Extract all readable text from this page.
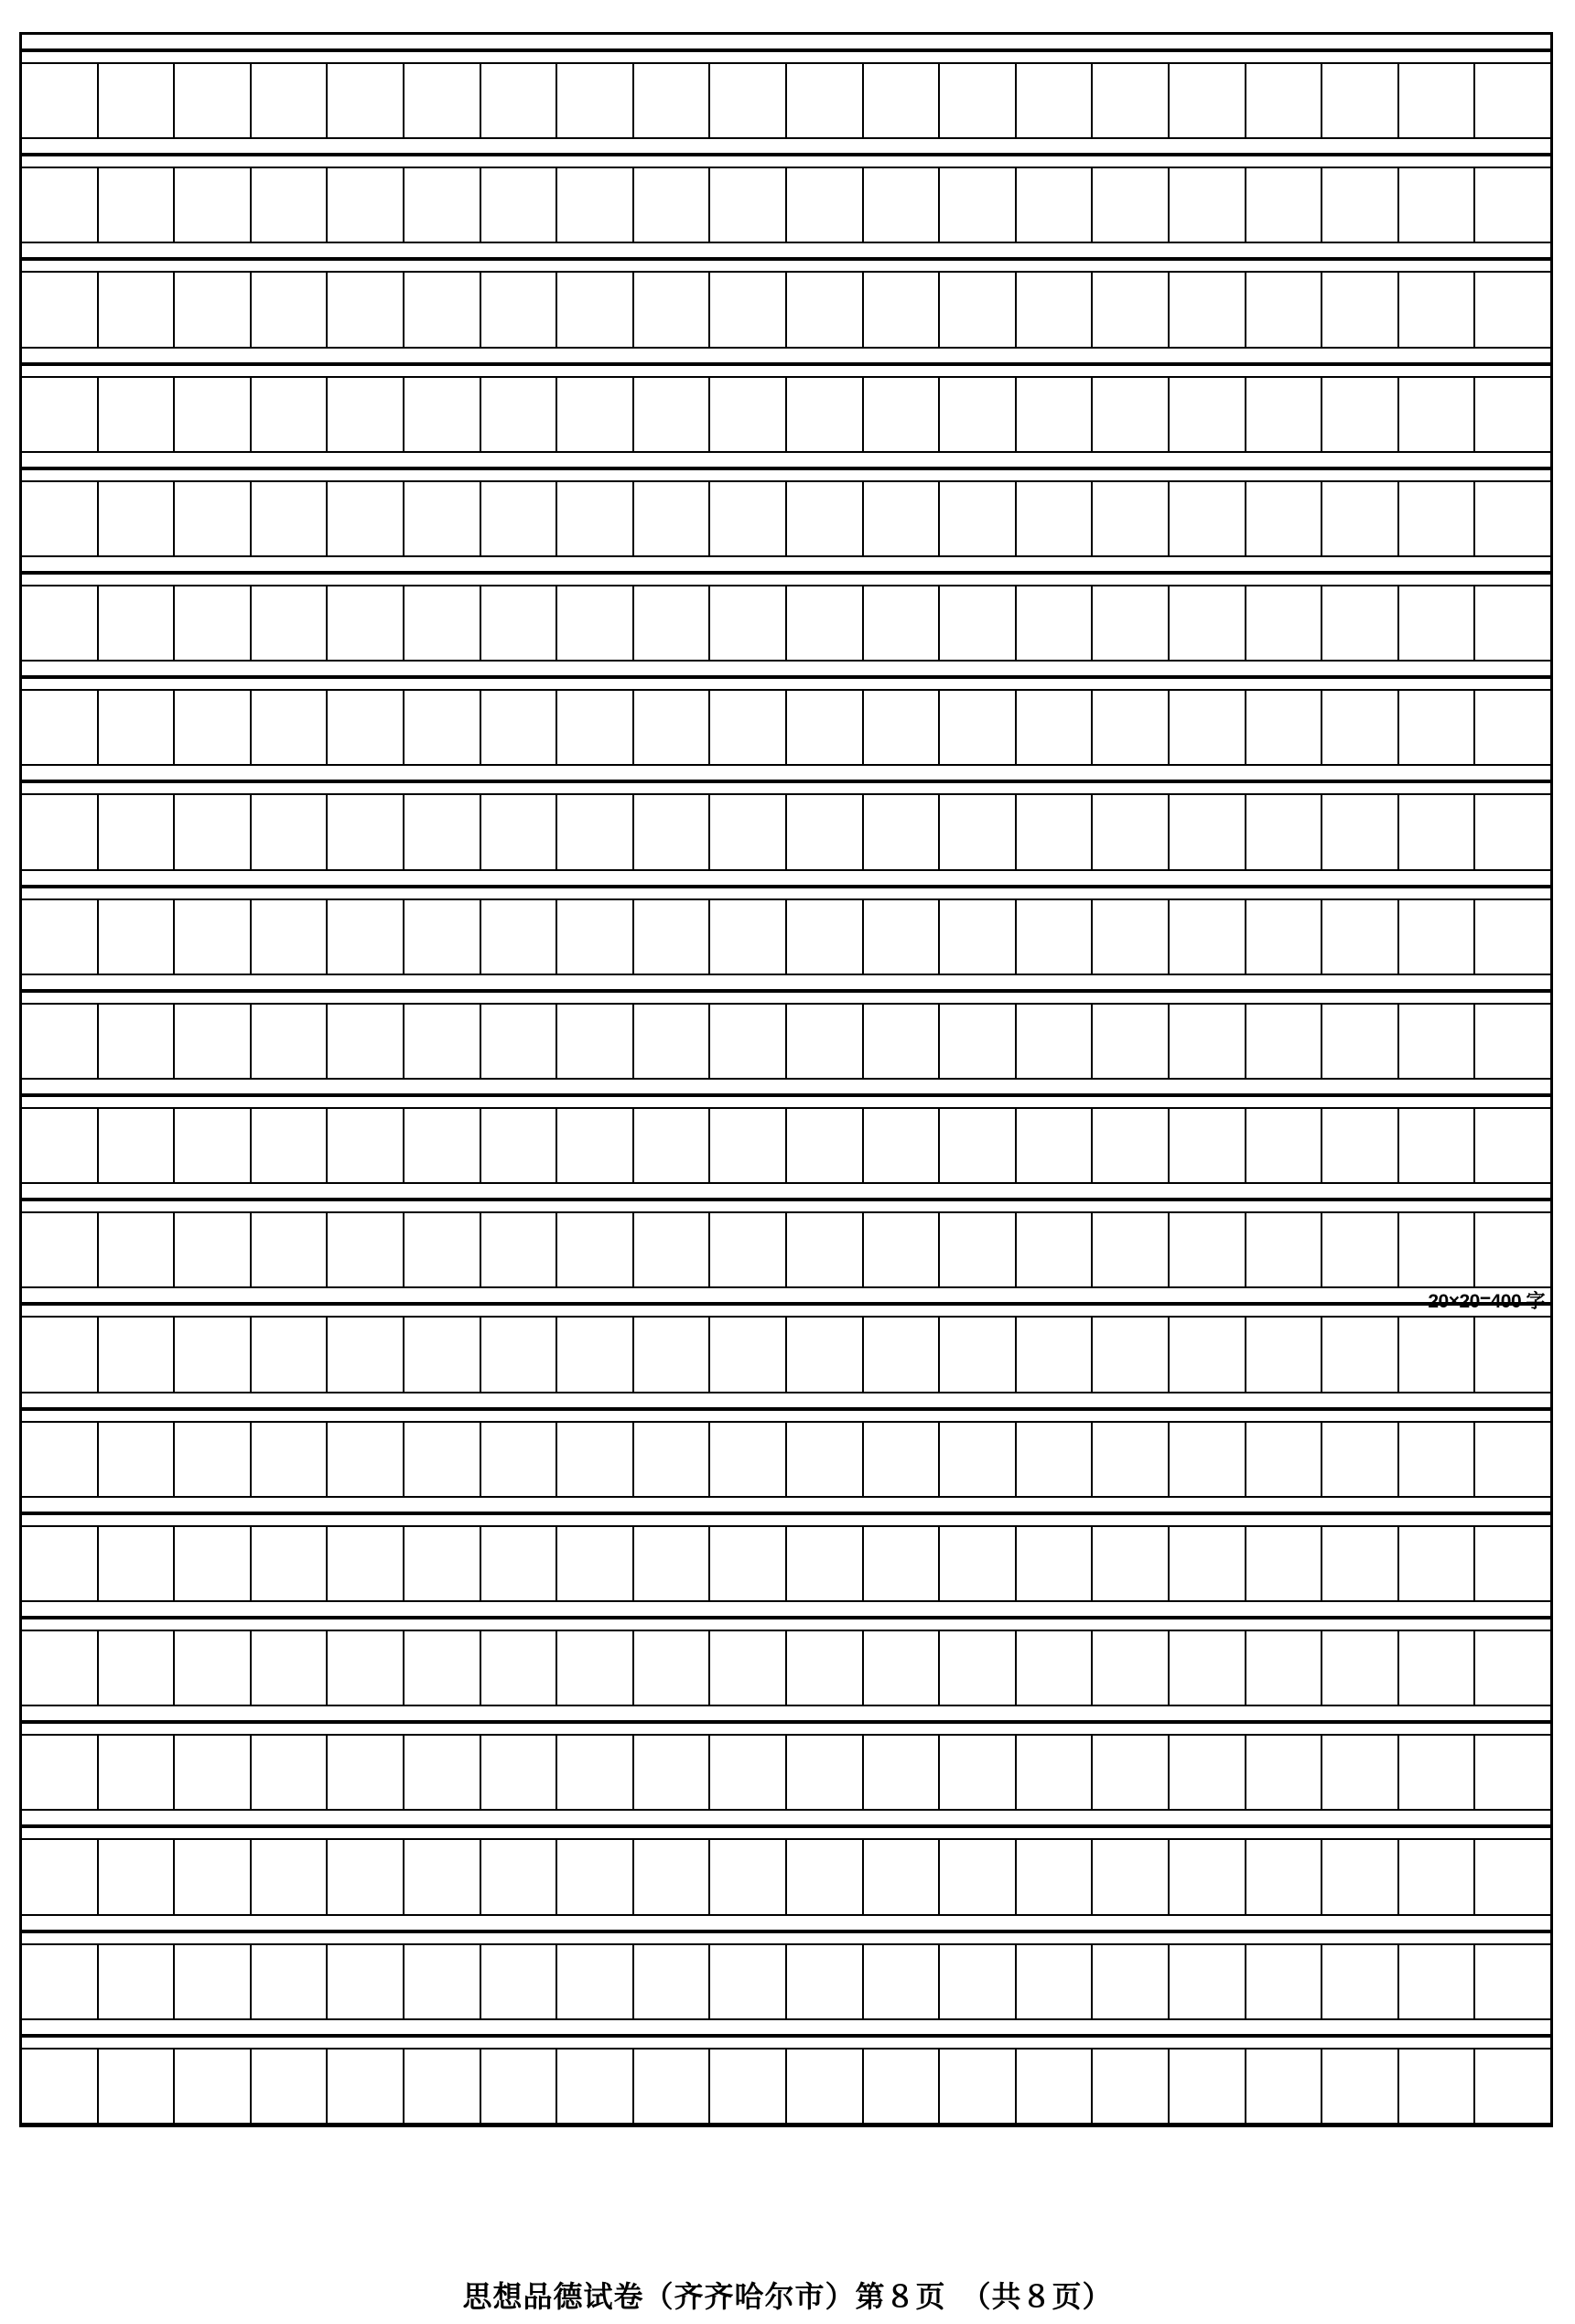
20×20=400 字
思想品德试卷（齐齐哈尔市）第８页　（共８页）
